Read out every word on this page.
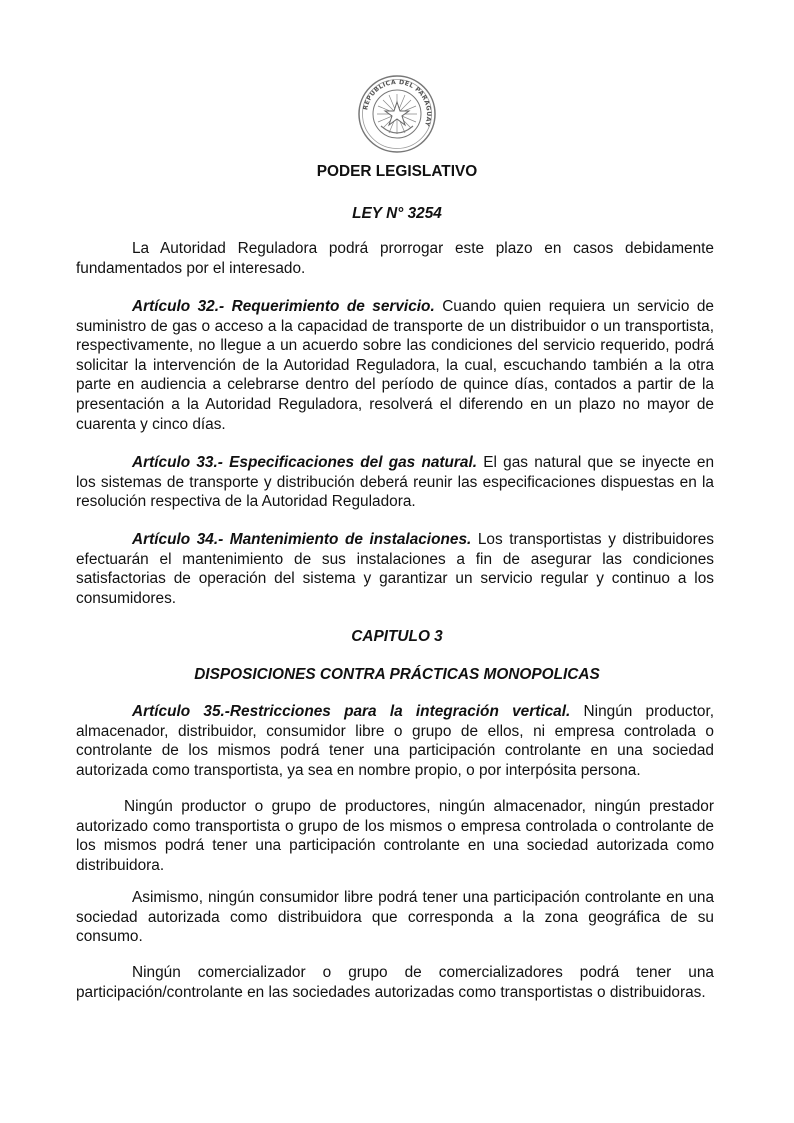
REPUBLICA DEL PARAGUAY
PODER LEGISLATIVO
LEY N° 3254

La Autoridad Reguladora podrá prorrogar este plazo en casos debidamente fundamentados por el interesado.

Artículo 32.- Requerimiento de servicio. Cuando quien requiera un servicio de suministro de gas o acceso a la capacidad de transporte de un distribuidor o un transportista, respectivamente, no llegue a un acuerdo sobre las condiciones del servicio requerido, podrá solicitar la intervención de la Autoridad Reguladora, la cual, escuchando también a la otra parte en audiencia a celebrarse dentro del período de quince días, contados a partir de la presentación a la Autoridad Reguladora, resolverá el diferendo en un plazo no mayor de cuarenta y cinco días.

Artículo 33.- Especificaciones del gas natural. El gas natural que se inyecte en los sistemas de transporte y distribución deberá reunir las especificaciones dispuestas en la resolución respectiva de la Autoridad Reguladora.

Artículo 34.- Mantenimiento de instalaciones. Los transportistas y distribuidores efectuarán el mantenimiento de sus instalaciones a fin de asegurar las condiciones satisfactorias de operación del sistema y garantizar un servicio regular y continuo a los consumidores.

CAPITULO 3
DISPOSICIONES CONTRA PRÁCTICAS MONOPOLICAS

Artículo 35.-Restricciones para la integración vertical. Ningún productor, almacenador, distribuidor, consumidor libre o grupo de ellos, ni empresa controlada o controlante de los mismos podrá tener una participación controlante en una sociedad autorizada como transportista, ya sea en nombre propio, o por interpósita persona.

Ningún productor o grupo de productores, ningún almacenador, ningún prestador autorizado como transportista o grupo de los mismos o empresa controlada o controlante de los mismos podrá tener una participación controlante en una sociedad autorizada como distribuidora.

Asimismo, ningún consumidor libre podrá tener una participación controlante en una sociedad autorizada como distribuidora que corresponda a la zona geográfica de su consumo.

Ningún comercializador o grupo de comercializadores podrá tener una participación/controlante en las sociedades autorizadas como transportistas o distribuidoras.
